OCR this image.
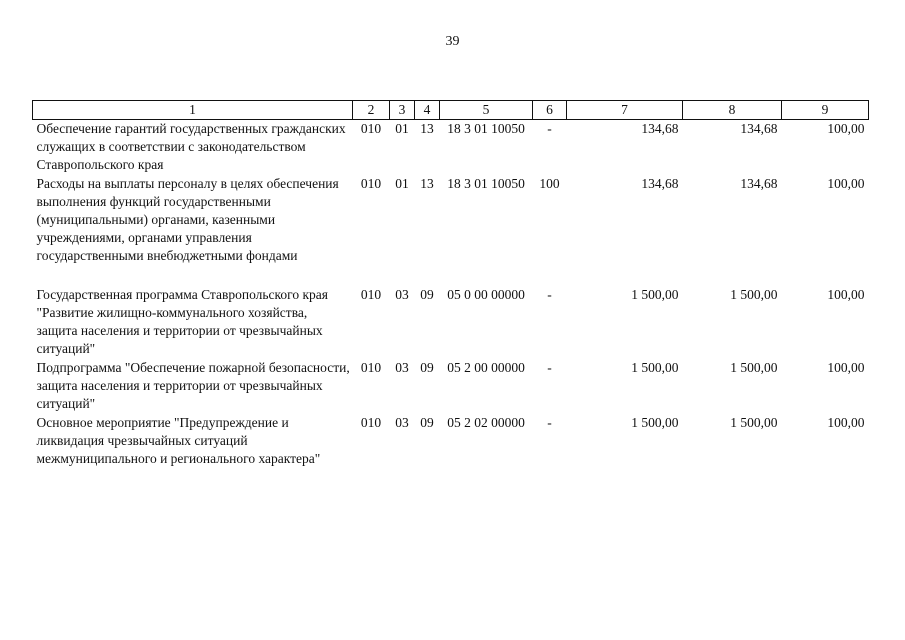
39
1	2	3	4	5	6	7	8	9
Обеспечение гарантий государственных гражданских служащих в соответствии с законодательством Ставропольского края	010	01	13	18 3 01 10050	-	134,68	134,68	100,00
Расходы на выплаты персоналу в целях обеспечения выполнения функций государственными (муниципальными) органами, казенными учреждениями, органами управления государственными внебюджетными фондами	010	01	13	18 3 01 10050	100	134,68	134,68	100,00

Государственная программа Ставропольского края "Развитие жилищно-коммунального хозяйства, защита населения и территории от чрезвычайных ситуаций"	010	03	09	05 0 00 00000	-	1 500,00	1 500,00	100,00
Подпрограмма "Обеспечение пожарной безопасности, защита населения и территории от чрезвычайных ситуаций"	010	03	09	05 2 00 00000	-	1 500,00	1 500,00	100,00
Основное мероприятие "Предупреждение и ликвидация чрезвычайных ситуаций межмуниципального и регионального характера"	010	03	09	05 2 02 00000	-	1 500,00	1 500,00	100,00
